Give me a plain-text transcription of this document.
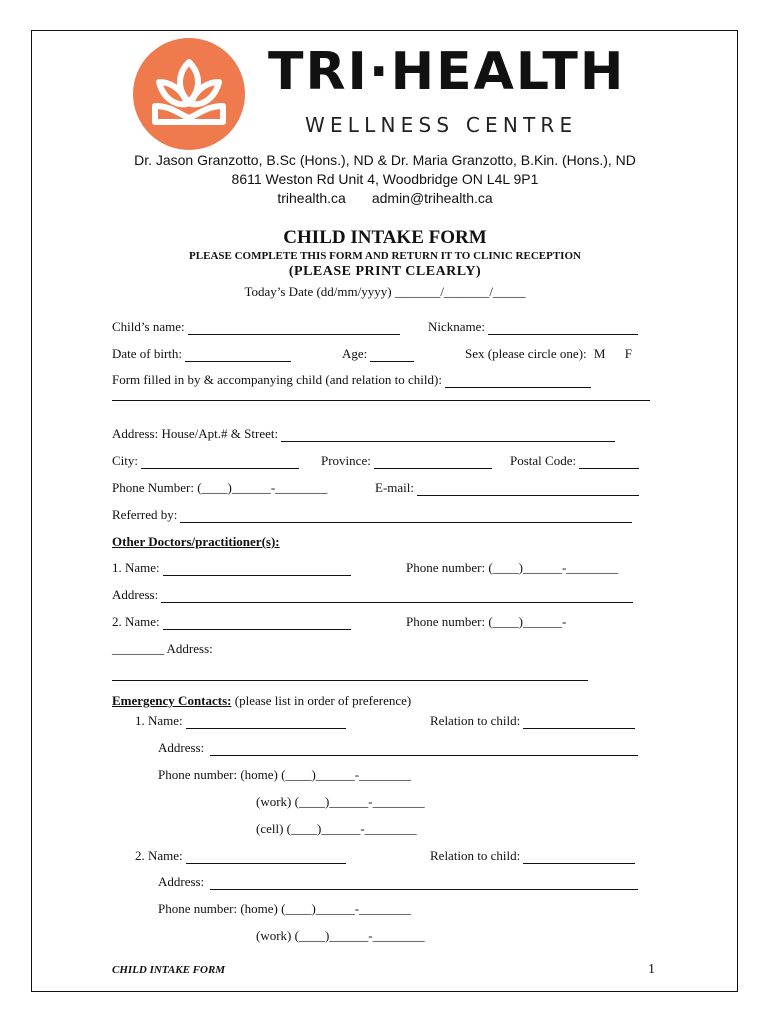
TRI·HEALTH
WELLNESS CENTRE
Dr. Jason Granzotto, B.Sc (Hons.), ND & Dr. Maria Granzotto, B.Kin. (Hons.), ND
8611 Weston Rd Unit 4, Woodbridge ON L4L 9P1
trihealth.ca admin@trihealth.ca
CHILD INTAKE FORM
PLEASE COMPLETE THIS FORM AND RETURN IT TO CLINIC RECEPTION
(PLEASE PRINT CLEARLY)
Today’s Date (dd/mm/yyyy) _______/_______/_____
Child’s name:	Nickname:
Date of birth:	Age:	Sex (please circle one): M F
Form filled in by & accompanying child (and relation to child):
Address: House/Apt.# & Street:
City:	Province:	Postal Code:
Phone Number: (____)______-________	E-mail:
Referred by:
Other Doctors/practitioner(s):
1. Name:	Phone number: (____)______-________
Address:
2. Name:	Phone number: (____)______-
________ Address:
Emergency Contacts: (please list in order of preference)
1. Name:	Relation to child:
Address:
Phone number: (home) (____)______-________
(work) (____)______-________
(cell) (____)______-________
2. Name:	Relation to child:
Address:
Phone number: (home) (____)______-________
(work) (____)______-________
CHILD INTAKE FORM	1
